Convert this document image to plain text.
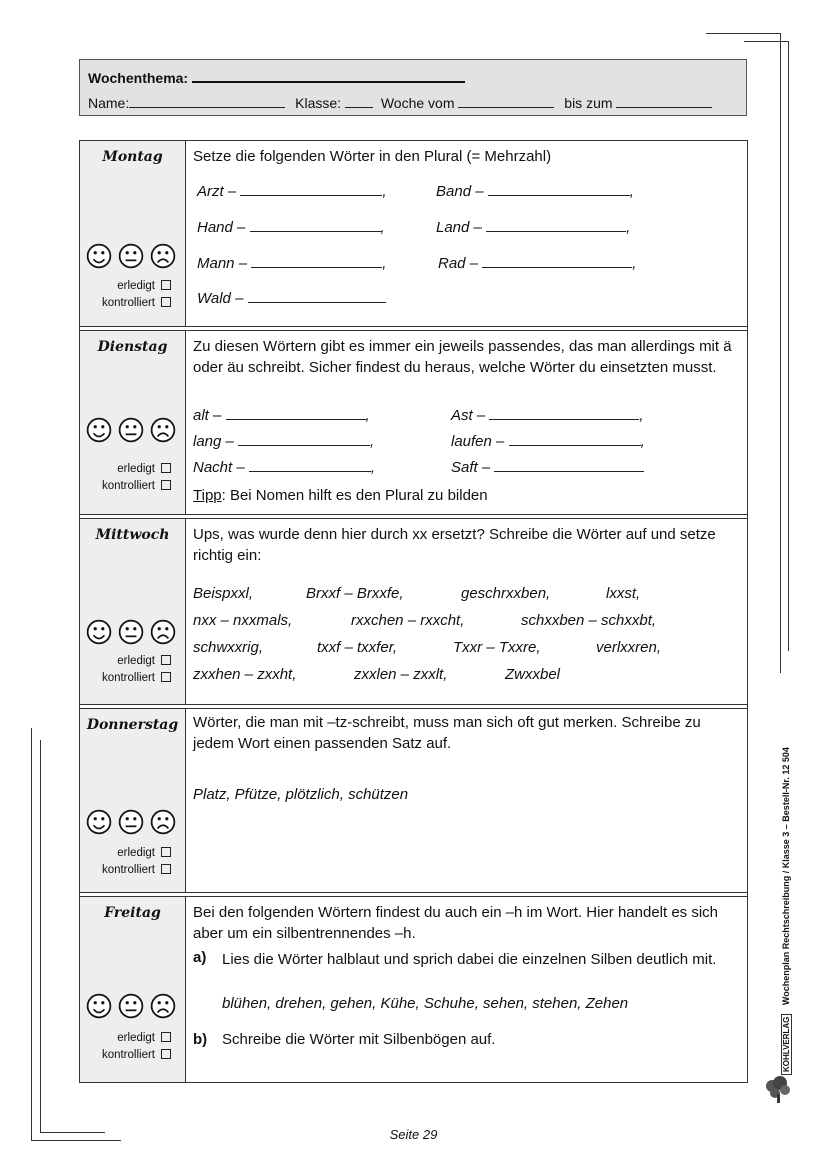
Wochenthema:
Name:	Klasse:	Woche vom	bis zum
Montag
erledigt
kontrolliert
Setze die folgenden Wörter in den Plural (= Mehrzahl)
Arzt –	,	Band –	,
Hand –	,	Land –	,
Mann –	,	Rad –	,
Wald –
Dienstag
erledigt
kontrolliert
Zu diesen Wörtern gibt es immer ein jeweils passendes, das man allerdings mit ä oder äu schreibt. Sicher findest du heraus, welche Wörter du einsetzten musst.
alt –	,	Ast –	,
lang –	,	laufen –	,
Nacht –	,	Saft –
Tipp: Bei Nomen hilft es den Plural zu bilden
Mittwoch
erledigt
kontrolliert
Ups, was wurde denn hier durch xx ersetzt? Schreibe die Wörter auf und setze richtig ein:
Beispxxl,	Brxxf – Brxxfe,	geschrxxben,	lxxst,
nxx – nxxmals,	rxxchen – rxxcht,	schxxben – schxxbt,
schwxxrig,	txxf – txxfer,	Txxr – Txxre,	verlxxren,
zxxhen – zxxht,	zxxlen – zxxlt,	Zwxxbel
Donnerstag
erledigt
kontrolliert
Wörter, die man mit –tz-schreibt, muss man sich oft gut merken. Schreibe zu jedem Wort einen passenden Satz auf.
Platz, Pfütze, plötzlich, schützen
Freitag
erledigt
kontrolliert
Bei den folgenden Wörtern findest du auch ein –h im Wort. Hier handelt es sich aber um ein silbentrennendes –h.
a) Lies die Wörter halblaut und sprich dabei die einzelnen Silben deutlich mit.
blühen, drehen, gehen, Kühe, Schuhe, sehen, stehen, Zehen
b) Schreibe die Wörter mit Silbenbögen auf.	KOHLVERLAG Wochenplan Rechtschreibung / Klasse 3 – Bestell-Nr. 12 504
Seite 29
